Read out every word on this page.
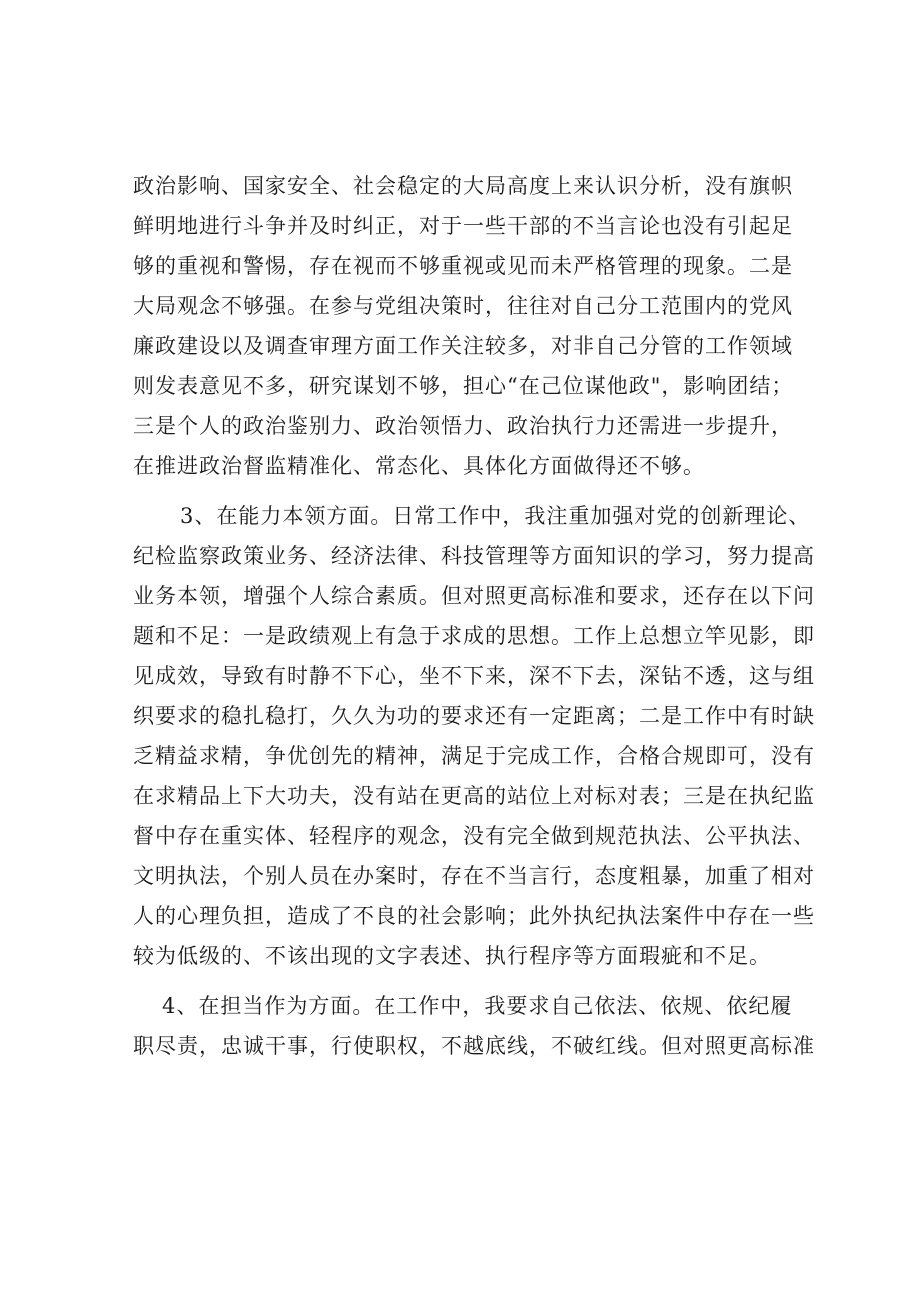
政治影响、国家安全、社会稳定的大局高度上来认识分析，没有旗帜
鲜明地进行斗争并及时纠正，对于一些干部的不当言论也没有引起足
够的重视和警惕，存在视而不够重视或见而未严格管理的现象。二是
大局观念不够强。在参与党组决策时，往往对自己分工范围内的党风
廉政建设以及调查审理方面工作关注较多，对非自己分管的工作领域
则发表意见不多，研究谋划不够，担心“在己位谋他政"，影响团结；
三是个人的政治鉴别力、政治领悟力、政治执行力还需进一步提升，
在推进政治督监精准化、常态化、具体化方面做得还不够。
3、在能力本领方面。日常工作中，我注重加强对党的创新理论、
纪检监察政策业务、经济法律、科技管理等方面知识的学习，努力提高
业务本领，增强个人综合素质。但对照更高标准和要求，还存在以下问
题和不足：一是政绩观上有急于求成的思想。工作上总想立竿见影，即
见成效，导致有时静不下心，坐不下来，深不下去，深钻不透，这与组
织要求的稳扎稳打，久久为功的要求还有一定距离；二是工作中有时缺
乏精益求精，争优创先的精神，满足于完成工作，合格合规即可，没有
在求精品上下大功夫，没有站在更高的站位上对标对表；三是在执纪监
督中存在重实体、轻程序的观念，没有完全做到规范执法、公平执法、
文明执法，个别人员在办案时，存在不当言行，态度粗暴，加重了相对
人的心理负担，造成了不良的社会影响；此外执纪执法案件中存在一些
较为低级的、不该出现的文字表述、执行程序等方面瑕疵和不足。
4、在担当作为方面。在工作中，我要求自己依法、依规、依纪履
职尽责，忠诚干事，行使职权，不越底线，不破红线。但对照更高标准
